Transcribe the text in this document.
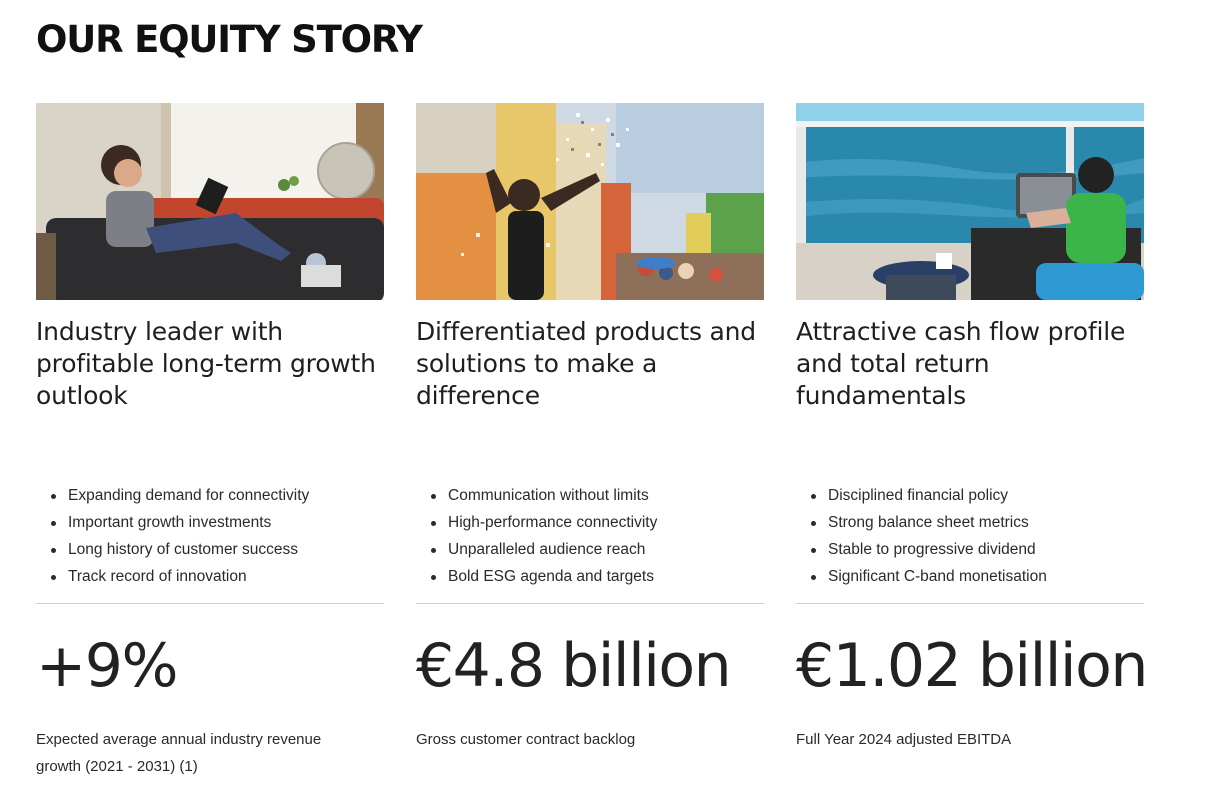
OUR EQUITY STORY
Industry leader with profitable long-term growth outlook
Expanding demand for connectivity
Important growth investments
Long history of customer success
Track record of innovation
+9%
Expected average annual industry revenue growth (2021 - 2031) (1)
Differentiated products and solutions to make a difference
Communication without limits
High-performance connectivity
Unparalleled audience reach
Bold ESG agenda and targets
€4.8 billion
Gross customer contract backlog
Attractive cash flow profile and total return fundamentals
Disciplined financial policy
Strong balance sheet metrics
Stable to progressive dividend
Significant C-band monetisation
€1.02 billion
Full Year 2024 adjusted EBITDA
